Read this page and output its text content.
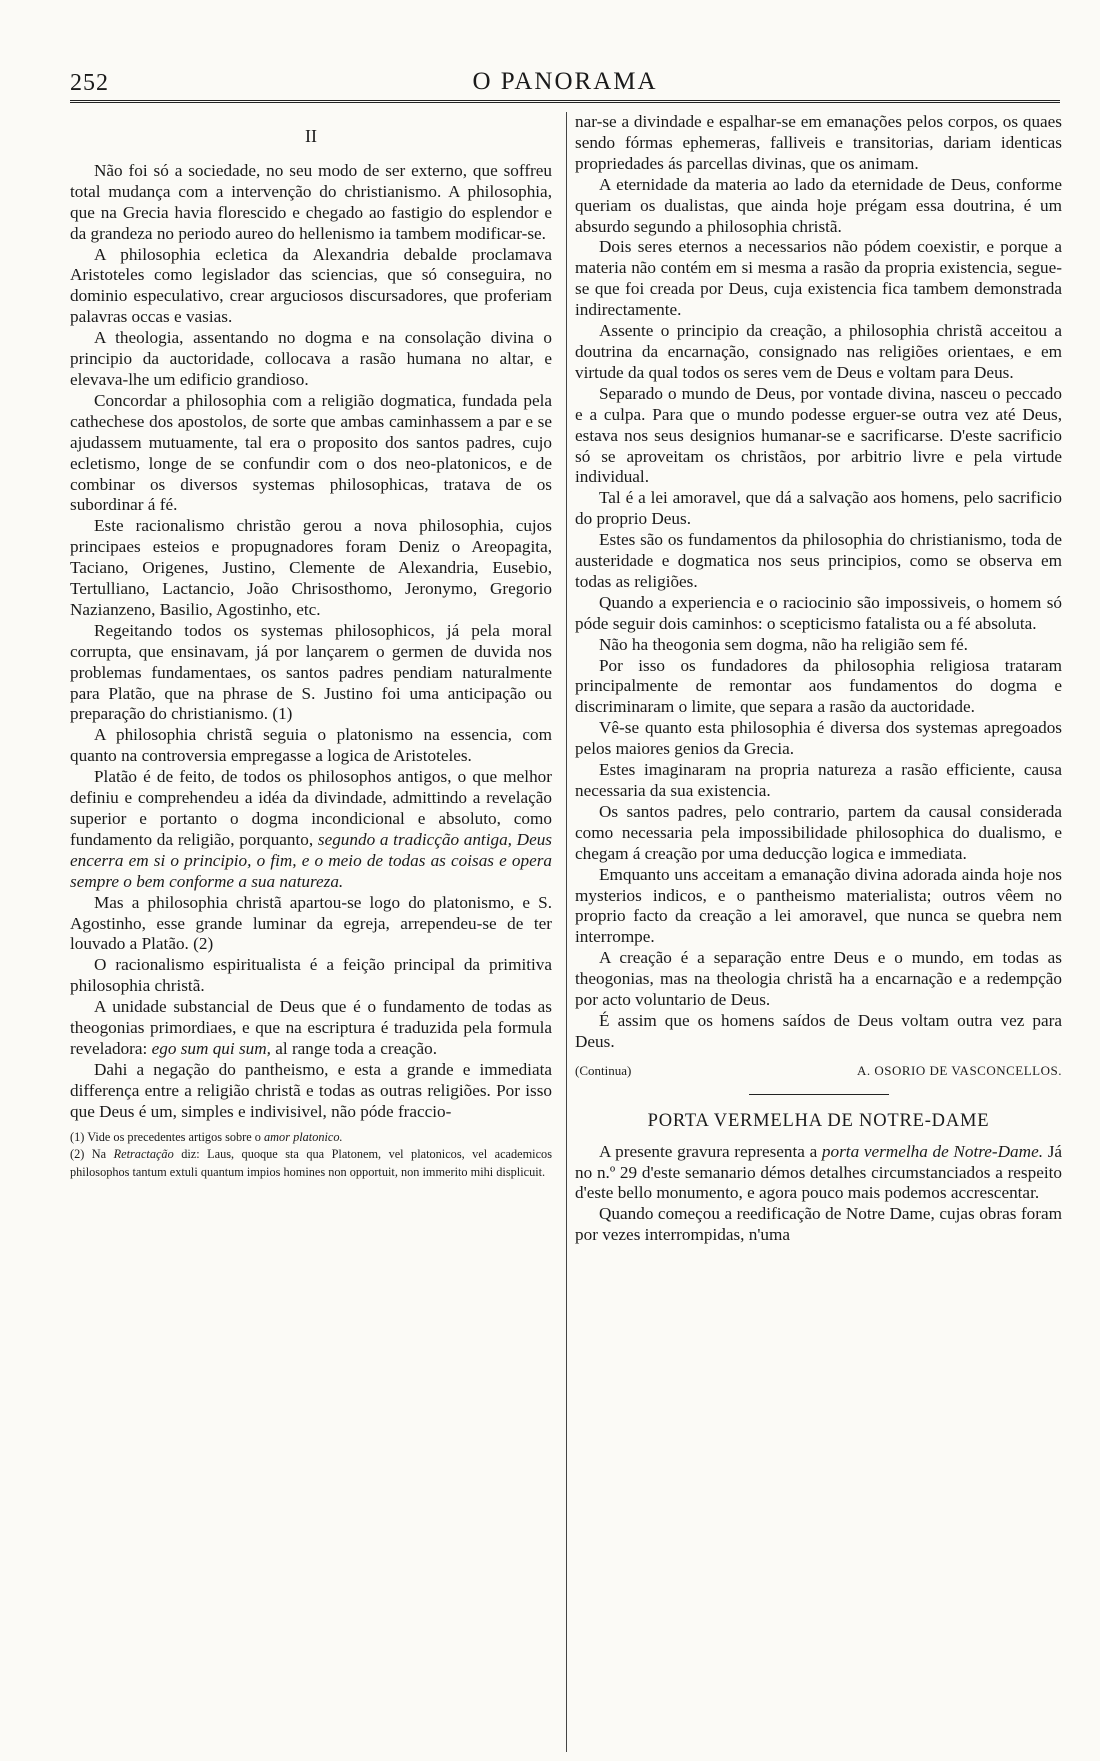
252	O PANORAMA
II

Não foi só a sociedade, no seu modo de ser externo, que soffreu total mudança com a intervenção do christianismo. A philosophia, que na Grecia havia florescido e chegado ao fastigio do esplendor e da grandeza no periodo aureo do hellenismo ia tambem modificar-se.

A philosophia ecletica da Alexandria debalde proclamava Aristoteles como legislador das sciencias, que só conseguira, no dominio especulativo, crear arguciosos discursadores, que proferiam palavras occas e vasias.

A theologia, assentando no dogma e na consolação divina o principio da auctoridade, collocava a rasão humana no altar, e elevava-lhe um edificio grandioso.

Concordar a philosophia com a religião dogmatica, fundada pela cathechese dos apostolos, de sorte que ambas caminhassem a par e se ajudassem mutuamente, tal era o proposito dos santos padres, cujo ecletismo, longe de se confundir com o dos neo-platonicos, e de combinar os diversos systemas philosophicas, tratava de os subordinar á fé.

Este racionalismo christão gerou a nova philosophia, cujos principaes esteios e propugnadores foram Deniz o Areopagita, Taciano, Origenes, Justino, Clemente de Alexandria, Eusebio, Tertulliano, Lactancio, João Chrisosthomo, Jeronymo, Gregorio Nazianzeno, Basilio, Agostinho, etc.

Regeitando todos os systemas philosophicos, já pela moral corrupta, que ensinavam, já por lançarem o germen de duvida nos problemas fundamentaes, os santos padres pendiam naturalmente para Platão, que na phrase de S. Justino foi uma anticipação ou preparação do christianismo. (1)

A philosophia christã seguia o platonismo na essencia, com quanto na controversia empregasse a logica de Aristoteles.

Platão é de feito, de todos os philosophos antigos, o que melhor definiu e comprehendeu a idéa da divindade, admittindo a revelação superior e portanto o dogma incondicional e absoluto, como fundamento da religião, porquanto, segundo a tradicção antiga, Deus encerra em si o principio, o fim, e o meio de todas as coisas e opera sempre o bem conforme a sua natureza.

Mas a philosophia christã apartou-se logo do platonismo, e S. Agostinho, esse grande luminar da egreja, arrependeu-se de ter louvado a Platão. (2)

O racionalismo espiritualista é a feição principal da primitiva philosophia christã.

A unidade substancial de Deus que é o fundamento de todas as theogonias primordiaes, e que na escriptura é traduzida pela formula reveladora: ego sum qui sum, al range toda a creação.

Dahi a negação do pantheismo, e esta a grande e immediata differença entre a religião christã e todas as outras religiões. Por isso que Deus é um, simples e indivisivel, não póde fraccio-

(1) Vide os precedentes artigos sobre o amor platonico.

(2) Na Retractação diz: Laus, quoque sta qua Platonem, vel platonicos, vel academicos philosophos tantum extuli quantum impios homines non opportuit, non immerito mihi displicuit.

nar-se a divindade e espalhar-se em emanações pelos corpos, os quaes sendo fórmas ephemeras, falliveis e transitorias, dariam identicas propriedades ás parcellas divinas, que os animam.

A eternidade da materia ao lado da eternidade de Deus, conforme queriam os dualistas, que ainda hoje prégam essa doutrina, é um absurdo segundo a philosophia christã.

Dois seres eternos a necessarios não pódem coexistir, e porque a materia não contém em si mesma a rasão da propria existencia, segue-se que foi creada por Deus, cuja existencia fica tambem demonstrada indirectamente.

Assente o principio da creação, a philosophia christã acceitou a doutrina da encarnação, consignado nas religiões orientaes, e em virtude da qual todos os seres vem de Deus e voltam para Deus.

Separado o mundo de Deus, por vontade divina, nasceu o peccado e a culpa. Para que o mundo podesse erguer-se outra vez até Deus, estava nos seus designios humanar-se e sacrificarse. D'este sacrificio só se aproveitam os christãos, por arbitrio livre e pela virtude individual.

Tal é a lei amoravel, que dá a salvação aos homens, pelo sacrificio do proprio Deus.

Estes são os fundamentos da philosophia do christianismo, toda de austeridade e dogmatica nos seus principios, como se observa em todas as religiões.

Quando a experiencia e o raciocinio são impossiveis, o homem só póde seguir dois caminhos: o scepticismo fatalista ou a fé absoluta.

Não ha theogonia sem dogma, não ha religião sem fé.

Por isso os fundadores da philosophia religiosa trataram principalmente de remontar aos fundamentos do dogma e discriminaram o limite, que separa a rasão da auctoridade.

Vê-se quanto esta philosophia é diversa dos systemas apregoados pelos maiores genios da Grecia.

Estes imaginaram na propria natureza a rasão efficiente, causa necessaria da sua existencia.

Os santos padres, pelo contrario, partem da causal considerada como necessaria pela impossibilidade philosophica do dualismo, e chegam á creação por uma deducção logica e immediata.

Emquanto uns acceitam a emanação divina adorada ainda hoje nos mysterios indicos, e o pantheismo materialista; outros vêem no proprio facto da creação a lei amoravel, que nunca se quebra nem interrompe.

A creação é a separação entre Deus e o mundo, em todas as theogonias, mas na theologia christã ha a encarnação e a redempção por acto voluntario de Deus.

É assim que os homens saídos de Deus voltam outra vez para Deus.

(Continua)	A. OSORIO DE VASCONCELLOS.
PORTA VERMELHA DE NOTRE-DAME

A presente gravura representa a porta vermelha de Notre-Dame. Já no n.º 29 d'este semanario démos detalhes circumstanciados a respeito d'este bello monumento, e agora pouco mais podemos accrescentar.

Quando começou a reedificação de Notre Dame, cujas obras foram por vezes interrompidas, n'uma
